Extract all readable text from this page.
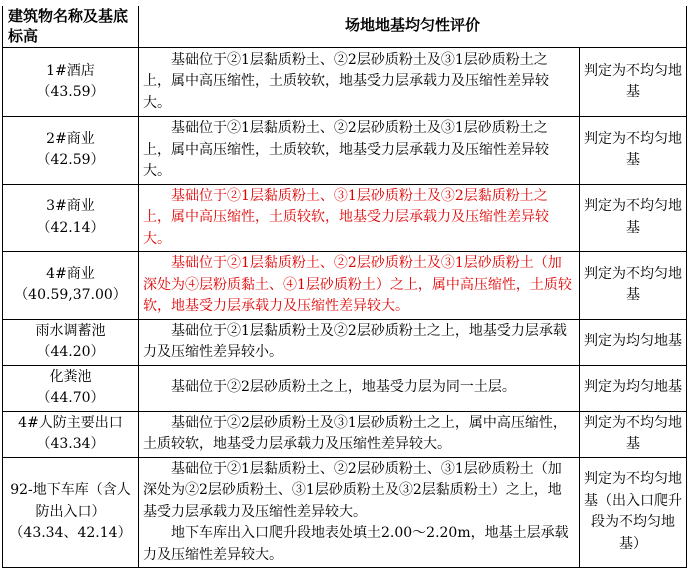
建筑物名称及基底标高	场地地基均匀性评价	

1#酒店
（43.59）	　　基础位于②1层黏质粉土、②2层砂质粉土及③1层砂质粉土之上，属中高压缩性，土质较软，地基受力层承载力及压缩性差异较大。	判定为不均匀地基

2#商业
（42.59）	　　基础位于②1层黏质粉土、②2层砂质粉土及③1层砂质粉土之上，属中高压缩性，土质较软，地基受力层承载力及压缩性差异较大。	判定为不均匀地基

3#商业
（42.14）	　　基础位于②1层黏质粉土、③1层砂质粉土及③2层黏质粉土之上，属中高压缩性，土质较软，地基受力层承载力及压缩性差异较大。	判定为不均匀地基

4#商业
（40.59,37.00）	　　基础位于②1层黏质粉土、②2层砂质粉土及③1层砂质粉土（加深处为④层粉质黏土、④1层砂质粉土）之上，属中高压缩性，土质较软，地基受力层承载力及压缩性差异较大。	判定为不均匀地基

雨水调蓄池
（44.20）	　　基础位于②1层黏质粉土及②2层砂质粉土之上，地基受力层承载力及压缩性差异较小。	判定为均匀地基

化粪池
（44.70）	　　基础位于②2层砂质粉土之上，地基受力层为同一土层。	判定为均匀地基

4#人防主要出口
（43.34）	　　基础位于②2层砂质粉土及③1层砂质粉土之上，属中高压缩性，土质较软，地基受力层承载力及压缩性差异较大。	判定为不均匀地基

92-地下车库（含人防出入口）
（43.34、42.14）	　　基础位于②1层黏质粉土、②2层砂质粉土、③1层砂质粉土（加深处为②2层砂质粉土、③1层砂质粉土及③2层黏质粉土）之上，地基受力层承载力及压缩性差异较大。
　　地下车库出入口爬升段地表处填土2.00～2.20m，地基土层承载力及压缩性差异较大。	判定为不均匀地基（出入口爬升段为不均匀地基）
